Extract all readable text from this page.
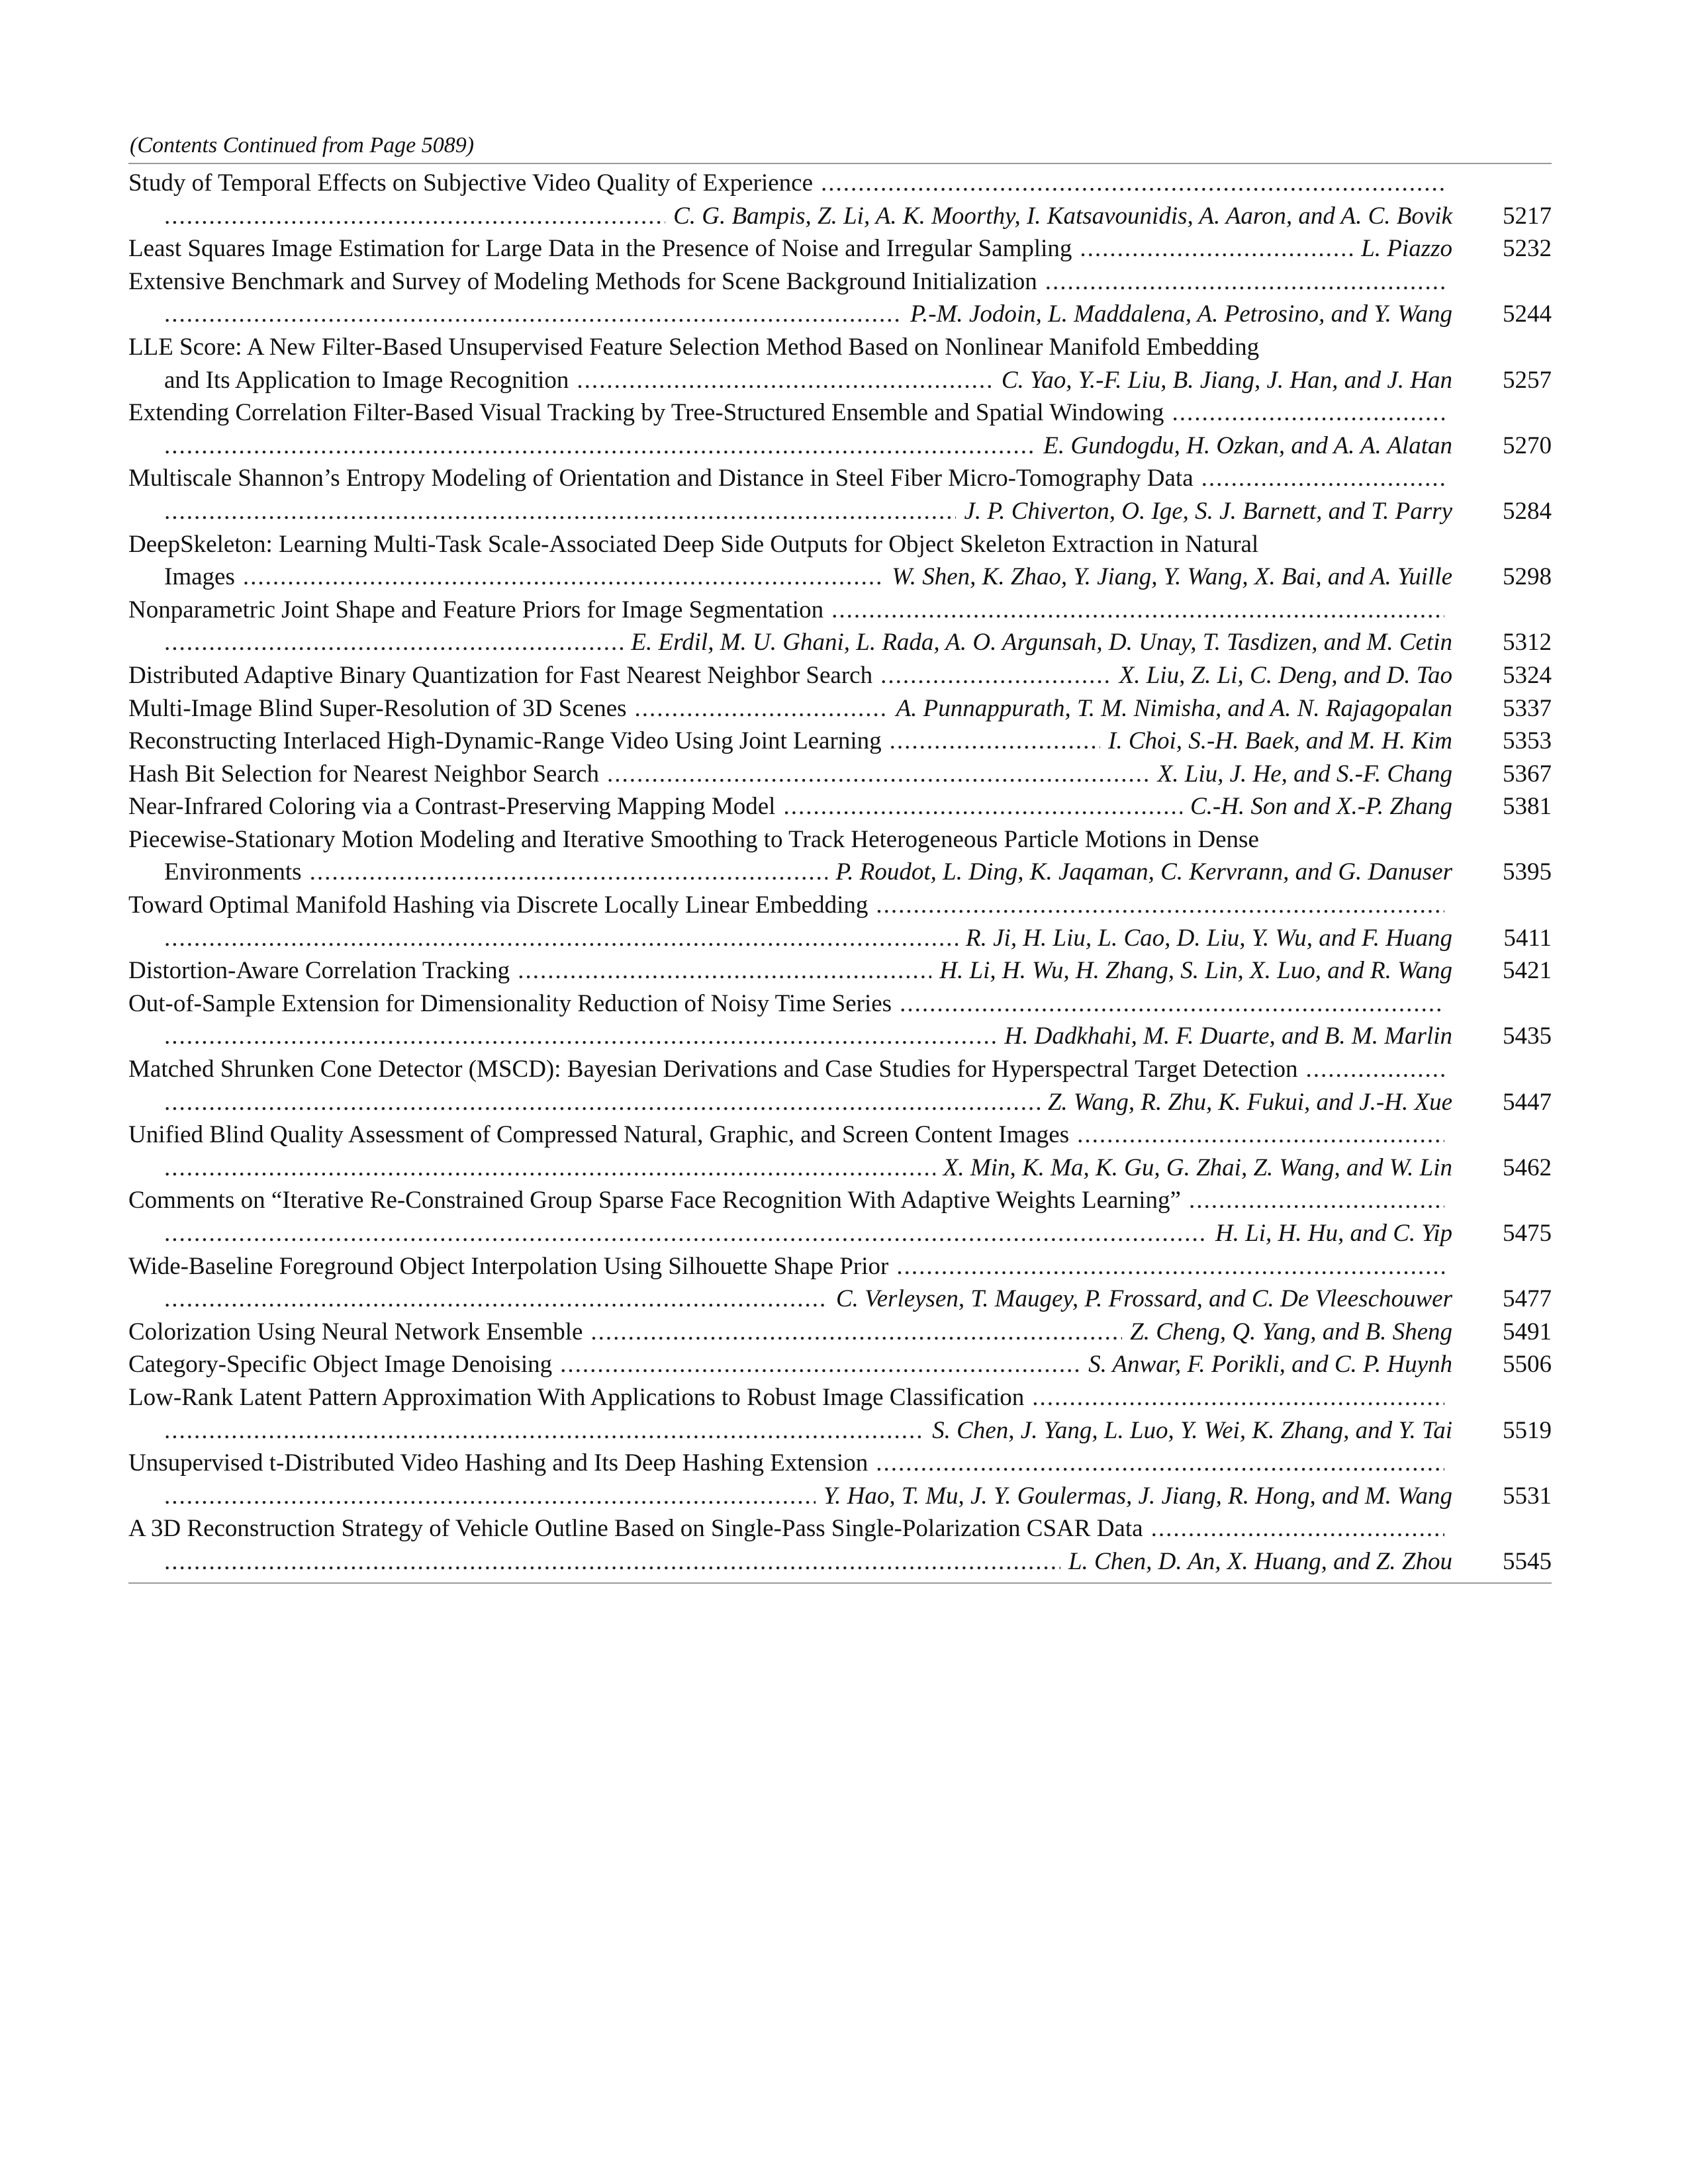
(Contents Continued from Page 5089)
Study of Temporal Effects on Subjective Video Quality of Experience
.....
.....
C. G. Bampis, Z. Li, A. K. Moorthy, I. Katsavounidis, A. Aaron, and A. C. Bovik	5217
Least Squares Image Estimation for Large Data in the Presence of Noise and Irregular Sampling .....	L. Piazzo	5232
Extensive Benchmark and Survey of Modeling Methods for Scene Background Initialization
.....
.....
P.-M. Jodoin, L. Maddalena, A. Petrosino, and Y. Wang	5244
LLE Score: A New Filter-Based Unsupervised Feature Selection Method Based on Nonlinear Manifold Embedding
and Its Application to Image Recognition .....	C. Yao, Y.-F. Liu, B. Jiang, J. Han, and J. Han	5257
Extending Correlation Filter-Based Visual Tracking by Tree-Structured Ensemble and Spatial Windowing
.....
.....
E. Gundogdu, H. Ozkan, and A. A. Alatan	5270
Multiscale Shannon’s Entropy Modeling of Orientation and Distance in Steel Fiber Micro-Tomography Data
.....
.....
J. P. Chiverton, O. Ige, S. J. Barnett, and T. Parry	5284
DeepSkeleton: Learning Multi-Task Scale-Associated Deep Side Outputs for Object Skeleton Extraction in Natural
Images .....	W. Shen, K. Zhao, Y. Jiang, Y. Wang, X. Bai, and A. Yuille	5298
Nonparametric Joint Shape and Feature Priors for Image Segmentation
.....
.....
E. Erdil, M. U. Ghani, L. Rada, A. O. Argunsah, D. Unay, T. Tasdizen, and M. Cetin	5312
Distributed Adaptive Binary Quantization for Fast Nearest Neighbor Search .....	X. Liu, Z. Li, C. Deng, and D. Tao	5324
Multi-Image Blind Super-Resolution of 3D Scenes .....	A. Punnappurath, T. M. Nimisha, and A. N. Rajagopalan	5337
Reconstructing Interlaced High-Dynamic-Range Video Using Joint Learning .....	I. Choi, S.-H. Baek, and M. H. Kim	5353
Hash Bit Selection for Nearest Neighbor Search .....	X. Liu, J. He, and S.-F. Chang	5367
Near-Infrared Coloring via a Contrast-Preserving Mapping Model .....	C.-H. Son and X.-P. Zhang	5381
Piecewise-Stationary Motion Modeling and Iterative Smoothing to Track Heterogeneous Particle Motions in Dense
Environments .....	P. Roudot, L. Ding, K. Jaqaman, C. Kervrann, and G. Danuser	5395
Toward Optimal Manifold Hashing via Discrete Locally Linear Embedding
.....
.....
R. Ji, H. Liu, L. Cao, D. Liu, Y. Wu, and F. Huang	5411
Distortion-Aware Correlation Tracking .....	H. Li, H. Wu, H. Zhang, S. Lin, X. Luo, and R. Wang	5421
Out-of-Sample Extension for Dimensionality Reduction of Noisy Time Series
.....
.....
H. Dadkhahi, M. F. Duarte, and B. M. Marlin	5435
Matched Shrunken Cone Detector (MSCD): Bayesian Derivations and Case Studies for Hyperspectral Target Detection
.....
.....
Z. Wang, R. Zhu, K. Fukui, and J.-H. Xue	5447
Unified Blind Quality Assessment of Compressed Natural, Graphic, and Screen Content Images
.....
.....
X. Min, K. Ma, K. Gu, G. Zhai, Z. Wang, and W. Lin	5462
Comments on “Iterative Re-Constrained Group Sparse Face Recognition With Adaptive Weights Learning”
.....
.....
H. Li, H. Hu, and C. Yip	5475
Wide-Baseline Foreground Object Interpolation Using Silhouette Shape Prior
.....
.....
C. Verleysen, T. Maugey, P. Frossard, and C. De Vleeschouwer	5477
Colorization Using Neural Network Ensemble .....	Z. Cheng, Q. Yang, and B. Sheng	5491
Category-Specific Object Image Denoising .....	S. Anwar, F. Porikli, and C. P. Huynh	5506
Low-Rank Latent Pattern Approximation With Applications to Robust Image Classification
.....
.....
S. Chen, J. Yang, L. Luo, Y. Wei, K. Zhang, and Y. Tai	5519
Unsupervised t-Distributed Video Hashing and Its Deep Hashing Extension
.....
.....
Y. Hao, T. Mu, J. Y. Goulermas, J. Jiang, R. Hong, and M. Wang	5531
A 3D Reconstruction Strategy of Vehicle Outline Based on Single-Pass Single-Polarization CSAR Data
.....
.....
L. Chen, D. An, X. Huang, and Z. Zhou	5545
